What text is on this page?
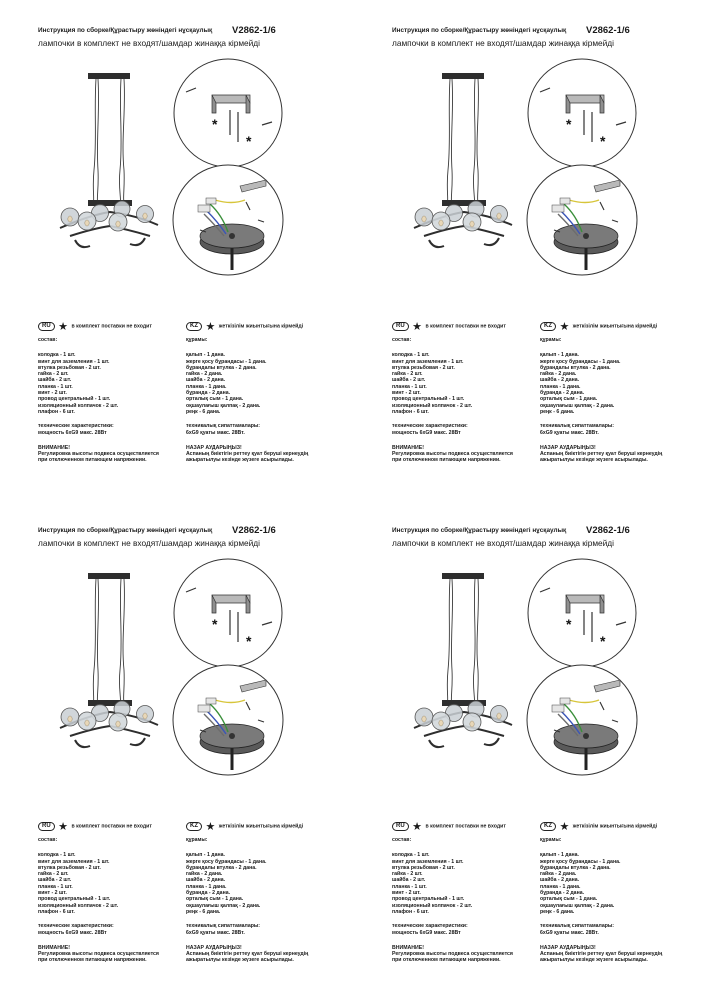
Инструкция по сборке/Құрастыру жөніндегі нұсқаулық	V2862-1/6
лампочки в комплект не входят/шамдар жинаққа кірмейді
*
*
RU ★ в комплект поставки не входит
состав:
колодка - 1 шт.
винт для заземления - 1 шт.
втулка резьбовая - 2 шт.
гайка - 2 шт.
шайба - 2 шт.
планка - 1 шт.
винт - 2 шт.
провод центральный - 1 шт.
изоляционный колпачок - 2 шт.
плафон - 6 шт.
технические характеристики:
мощность 6хG9 макс. 28Вт
ВНИМАНИЕ!
Регулировка высоты подвеса осуществляется
при отключенном питающем напряжении.
KZ ★ жеткізілім жиынтығына кірмейді
құрамы:
қалып - 1 дана.
жерге қосу бұрандасы - 1 дана.
бұрандалы втулка - 2 дана.
гайка - 2 дана.
шайба - 2 дана.
планка - 1 дана.
бұранда - 2 дана.
орталық сым - 1 дана.
оқшаулағыш қалпақ - 2 дана.
реңк - 6 дана.
техникалық сипаттамалары:
6хG9 қуаты макс. 28Вт.
НАЗАР АУДАРЫҢЫЗ!
Аспаның биіктігін реттеу қуат беруші кернеудің
ажыратылуы кезінде жүзеге асырылады.
Инструкция по сборке/Құрастыру жөніндегі нұсқаулық	V2862-1/6
лампочки в комплект не входят/шамдар жинаққа кірмейді
*
*
RU ★ в комплект поставки не входит
состав:
колодка - 1 шт.
винт для заземления - 1 шт.
втулка резьбовая - 2 шт.
гайка - 2 шт.
шайба - 2 шт.
планка - 1 шт.
винт - 2 шт.
провод центральный - 1 шт.
изоляционный колпачок - 2 шт.
плафон - 6 шт.
технические характеристики:
мощность 6хG9 макс. 28Вт
ВНИМАНИЕ!
Регулировка высоты подвеса осуществляется
при отключенном питающем напряжении.
KZ ★ жеткізілім жиынтығына кірмейді
құрамы:
қалып - 1 дана.
жерге қосу бұрандасы - 1 дана.
бұрандалы втулка - 2 дана.
гайка - 2 дана.
шайба - 2 дана.
планка - 1 дана.
бұранда - 2 дана.
орталық сым - 1 дана.
оқшаулағыш қалпақ - 2 дана.
реңк - 6 дана.
техникалық сипаттамалары:
6хG9 қуаты макс. 28Вт.
НАЗАР АУДАРЫҢЫЗ!
Аспаның биіктігін реттеу қуат беруші кернеудің
ажыратылуы кезінде жүзеге асырылады.
Инструкция по сборке/Құрастыру жөніндегі нұсқаулық	V2862-1/6
лампочки в комплект не входят/шамдар жинаққа кірмейді
*
*
RU ★ в комплект поставки не входит
состав:
колодка - 1 шт.
винт для заземления - 1 шт.
втулка резьбовая - 2 шт.
гайка - 2 шт.
шайба - 2 шт.
планка - 1 шт.
винт - 2 шт.
провод центральный - 1 шт.
изоляционный колпачок - 2 шт.
плафон - 6 шт.
технические характеристики:
мощность 6хG9 макс. 28Вт
ВНИМАНИЕ!
Регулировка высоты подвеса осуществляется
при отключенном питающем напряжении.
KZ ★ жеткізілім жиынтығына кірмейді
құрамы:
қалып - 1 дана.
жерге қосу бұрандасы - 1 дана.
бұрандалы втулка - 2 дана.
гайка - 2 дана.
шайба - 2 дана.
планка - 1 дана.
бұранда - 2 дана.
орталық сым - 1 дана.
оқшаулағыш қалпақ - 2 дана.
реңк - 6 дана.
техникалық сипаттамалары:
6хG9 қуаты макс. 28Вт.
НАЗАР АУДАРЫҢЫЗ!
Аспаның биіктігін реттеу қуат беруші кернеудің
ажыратылуы кезінде жүзеге асырылады.
Инструкция по сборке/Құрастыру жөніндегі нұсқаулық	V2862-1/6
лампочки в комплект не входят/шамдар жинаққа кірмейді
*
*
RU ★ в комплект поставки не входит
состав:
колодка - 1 шт.
винт для заземления - 1 шт.
втулка резьбовая - 2 шт.
гайка - 2 шт.
шайба - 2 шт.
планка - 1 шт.
винт - 2 шт.
провод центральный - 1 шт.
изоляционный колпачок - 2 шт.
плафон - 6 шт.
технические характеристики:
мощность 6хG9 макс. 28Вт
ВНИМАНИЕ!
Регулировка высоты подвеса осуществляется
при отключенном питающем напряжении.
KZ ★ жеткізілім жиынтығына кірмейді
құрамы:
қалып - 1 дана.
жерге қосу бұрандасы - 1 дана.
бұрандалы втулка - 2 дана.
гайка - 2 дана.
шайба - 2 дана.
планка - 1 дана.
бұранда - 2 дана.
орталық сым - 1 дана.
оқшаулағыш қалпақ - 2 дана.
реңк - 6 дана.
техникалық сипаттамалары:
6хG9 қуаты макс. 28Вт.
НАЗАР АУДАРЫҢЫЗ!
Аспаның биіктігін реттеу қуат беруші кернеудің
ажыратылуы кезінде жүзеге асырылады.
